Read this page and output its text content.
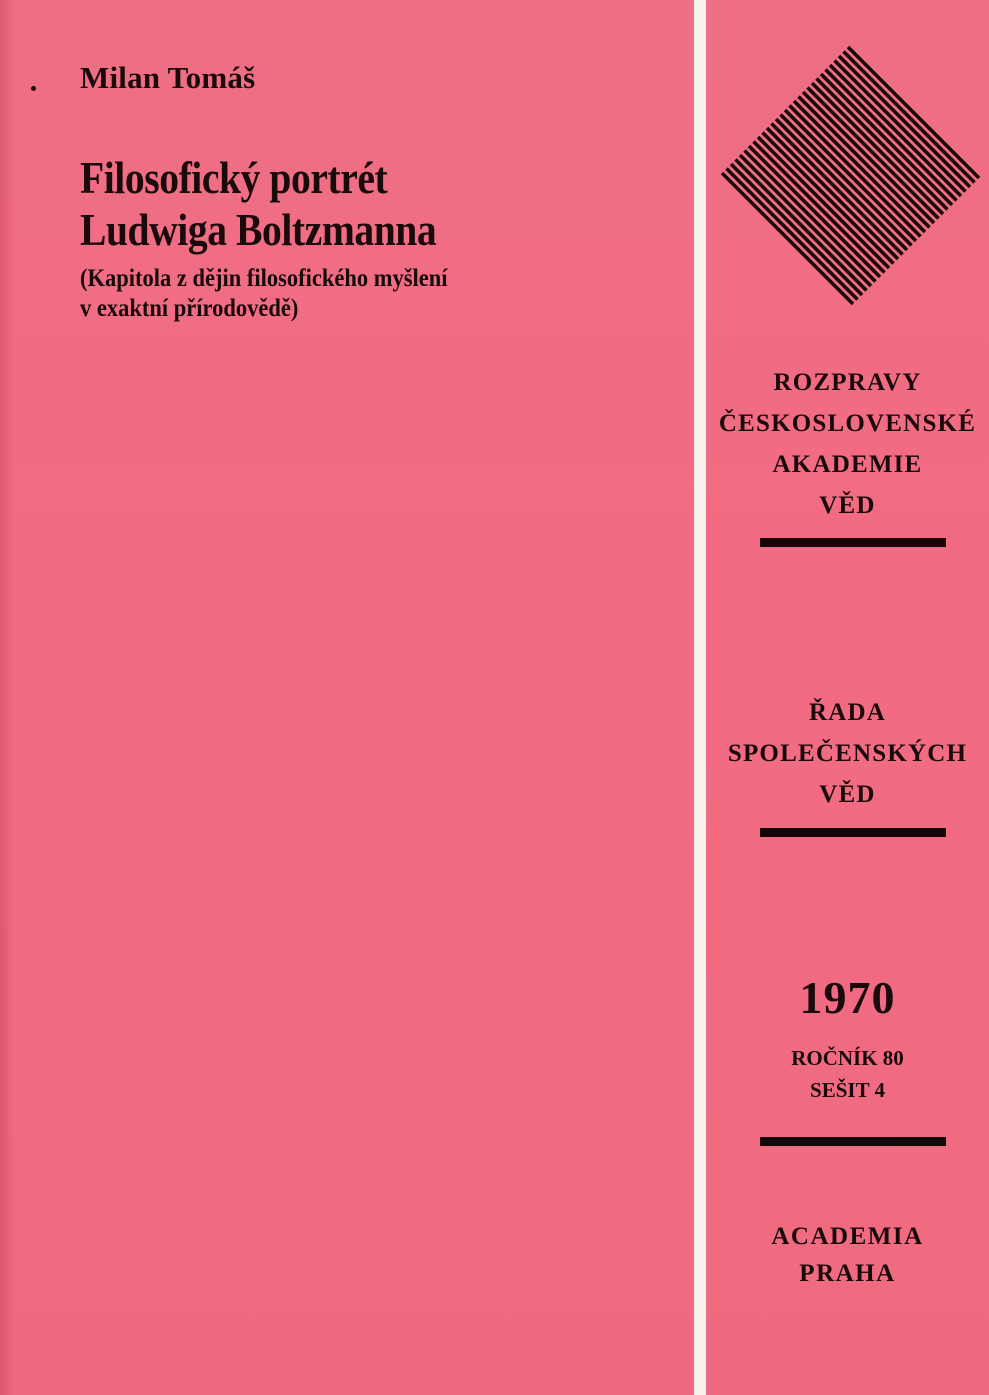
Milan Tomáš
Filosofický portrét
Ludwiga Boltzmanna
(Kapitola z dějin filosofického myšlení
v exaktní přírodovědě)
ROZPRAVY
ČESKOSLOVENSKÉ
AKADEMIE
VĚD
ŘADA
SPOLEČENSKÝCH
VĚD
1970
ROČNÍK 80
SEŠIT 4
ACADEMIA
PRAHA
